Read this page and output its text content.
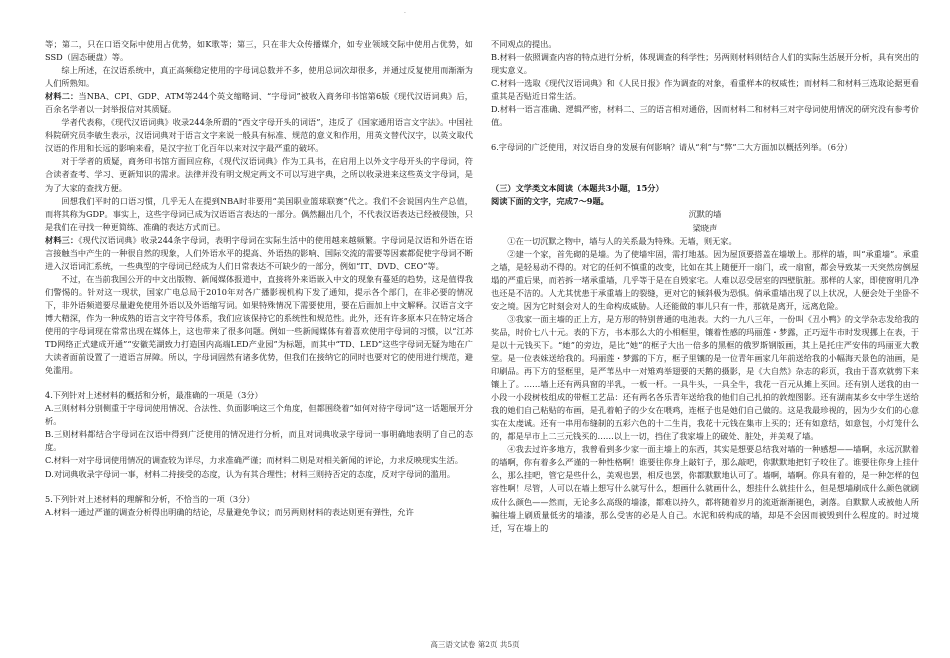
·

等；第二，只在口语交际中使用占优势，如K歌等；第三，只在非大众传播媒介，如专业领域交际中使用占优势，如SSD（固态硬盘）等。

综上所述，在汉语系统中，真正高频稳定使用的字母词总数并不多，使用总词次却很多，并通过反复使用而渐渐为人们所熟知。

材料二：当NBA、CPI、GDP、ATM等244个英文缩略词、“字母词”被收入商务印书馆第6版《现代汉语词典》后，百余名学者以一封举报信对其质疑。

学者代表称，《现代汉语词典》收录244条所谓的“西文字母开头的词语”，违反了《国家通用语言文字法》。中国社科院研究员李敏生表示，汉语词典对于语言文字来说一般具有标准、规范的意义和作用，用英文替代汉字，以英文取代汉语的作用和长远的影响来看，是汉字拉丁化百年以来对汉字最严重的破坏。

对于学者的质疑，商务印书馆方面回应称，《现代汉语词典》作为工具书，在启用上以外文字母开头的字母词，符合读者查考、学习、更新知识的需求。法律并没有明文规定两文不可以写进字典，之所以收录进来这些英文字母词，是为了大家的查找方便。

回想我们平时的口语习惯，几乎无人在提到NBA时非要用“美国职业篮球联赛”代之。我们不会说国内生产总值，而将其称为GDP。事实上，这些字母词已成为汉语语言表达的一部分。偶然翻出几个，不代表汉语表达已经被侵蚀，只是我们在寻找一种更简练、准确的表达方式而已。

材料三：《现代汉语词典》收录244条字母词，表明字母词在实际生活中的使用越来越频繁。字母词是汉语和外语在语言接触当中产生的一种很自然的现象，人们外语水平的提高、外语热的影响、国际交流的需要等因素都促使字母词不断进入汉语词汇系统，一些典型的字母词已经成为人们日常表达不可缺少的一部分，例如“IT、DVD、CEO”等。

不过，在当前我国公开的中文出版物、新闻媒体报道中，直接将外来语嵌入中文的现象有蔓延的趋势，这是值得我们警惕的。针对这一现状，国家广电总局于2010年对各广播影视机构下发了通知，提示各个部门，在非必要的情况下，非外语频道要尽量避免使用外语以及外语缩写词。如果特殊情况下需要使用，要在后面加上中文解释。汉语言文字博大精深，作为一种成熟的语言文字符号体系，我们应该保持它的系统性和规范性。此外，还有许多原本只在特定场合使用的字母词现在常常出现在媒体上，这也带来了很多问题。例如一些新闻媒体有着喜欢使用字母词的习惯，以“江苏TD网络正式建成开通”“安徽芜湖致力打造国内高端LED产业园”为标题，而其中“TD、LED”这些字母词无疑为地在广大读者面前设置了一道语言屏障。所以，字母词固然有诸多优势，但我们在接纳它的同时也要对它的使用进行规范，避免滥用。

4.下列针对上述材料的概括和分析，最准确的一项是（3分）

A.三则材料分别侧重于字母词使用情况、合法性、负面影响这三个角度，但都围绕着“如何对待字母词”这一话题展开分析。

B.三则材料都结合字母词在汉语中得到广泛使用的情况进行分析，而且对词典收录字母词一事明确地表明了自己的态度。

C.材料一对字母词使用情况的调查较为详尽，力求准确严谨；而材料二则是对相关新闻的评论，力求反映现实生活。

D.对词典收录字母词一事，材料二持接受的态度，认为有其合理性；材料三则持否定的态度，反对字母词的滥用。

5.下列针对上述材料的理解和分析，不恰当的一项（3分）

A.材料一通过严谨的调查分析得出明确的结论，尽量避免争议；而另两则材料的表达则更有弹性，允许

不同观点的提出。

B.材料一依照调查内容的特点进行分析，体现调查的科学性；另两则材料则结合人们的实际生活展开分析，具有突出的现实意义。

C.材料一选取《现代汉语词典》和《人民日报》作为调查的对象，看重样本的权威性；而材料二和材料三选取论据更看重其是否贴近日常生活。

D.材料一语言准确、逻辑严密，材料二、三的语言相对通俗，因而材料二和材料三对字母词使用情况的研究没有参考价值。

6.字母词的广泛使用，对汉语自身的发展有何影响？请从“利”与“弊”二大方面加以概括列举。（6分）

（三）文学类文本阅读（本题共3小题，15分）

阅读下面的文字，完成7～9题。

沉默的墙

梁晓声

①在一切沉默之物中，墙与人的关系最为特殊。无墙，则无家。

②建一个家，首先砌的是墙。为了使墙牢固，需打地基。因为屋顶要搭盖在墙墩上。那样的墙，叫“承重墙”。承重之墙，是轻易动不得的。对它的任何不慎重的改变，比如在其上随便开一扇门，或一扇窗，都会导致某一天突然房倒屋塌的严重后果，而若拆一堵承重墙，几乎等于是在自毁家宅。人难以忍受居室的四壁肮脏。那样的人家，即使窗明几净也还是不洁的。人尤其忧患于承重墙上的裂缝，更对它的倾斜极为恐惧。倘承重墙出现了以上状况，人便会处于坐卧不安之境。因为它时刻会对人的生命构成威胁。人还能做的事儿只有一件，那就是离开，远离危险。

③我家一面主墙的正上方，是方形的特别普通的电池表。大约一九八三年，一份叫《丑小鸭》的文学杂志发给我的奖品，时价七八十元。表的下方，书本那么大的小相框里，镶着性感的玛丽莲・梦露，正巧逗牛市时发现挪上在表，于是以十元钱买下。“她”的旁边，是比“她”的框子大出一倍多的黑框的俄罗斯钢版画，其上是托庄严安伟的玛丽亚大教堂。是一位表妹送给我的。玛丽莲・梦露的下方，框子里镶的是一位青年画家几年前送给我的小幅海天景色的油画，是印刷品。再下方的竖框里，是严苇丛中一对雉鸡举翅要的天鹅的摄影，是《大自然》杂志的彩页，我由于喜欢就剪下来镶上了。……墙上还有两具窗的半乳，一板一杆。一具牛头，一具全牛，我花一百元从摊上买回。还有别人送我的由一小段一小段树枝组成的带框工艺品：还有两名各乐青年送给我的他们自己扎拍的敦煌图影。还有湖南某乡女中学生送给我的她们自己粘贴的布画，是孔着帕子的少女在喂鸡，连框子也是她们自己做的。这是我最珍视的，因为少女们的心意实在太虔诚。还有一串用布缝制的五彩六色的十二生肖，我花十元钱在集市上买的；还有如意结，如意包，小灯笼什么的，都是早市上二三元钱买的……以上一切，挡住了我家墙上的破处、脏处，并美观了墙。

④我去过许多地方，我曾看到多少家一面主墙上的东西，其实是想要总结我对墙的一种感想——墙啊，永远沉默着的墙啊，你有着多么严谨的一种性格啊！谁要往你身上敲钉子，那么敲吧，你默默地把钉子咬住了。谁要往你身上挂什么，那么挂吧，管它是些什么，美观也罢，相反也罢，你都默默地认可了。墙啊，墙啊。你具有着的，是一种怎样的包容性啊！尽管，人可以在墙上想写什么就写什么，想画什么就画什么，想挂什么就挂什么，但是想墙刷成什么颜色就刷成什么颜色——然而，无论多么高级的墙漆，都难以持久，都将随着岁月的流逝渐渐褪色，剥落。自默默人或被他人所骗往墙上刷质量低劣的墙漆，那么受害的必是人自己。水泥和砖构成的墙，却是不会因而被毁到什么程度的。时过境迁，写在墙上的

高三语文试卷 第2页 共5页
